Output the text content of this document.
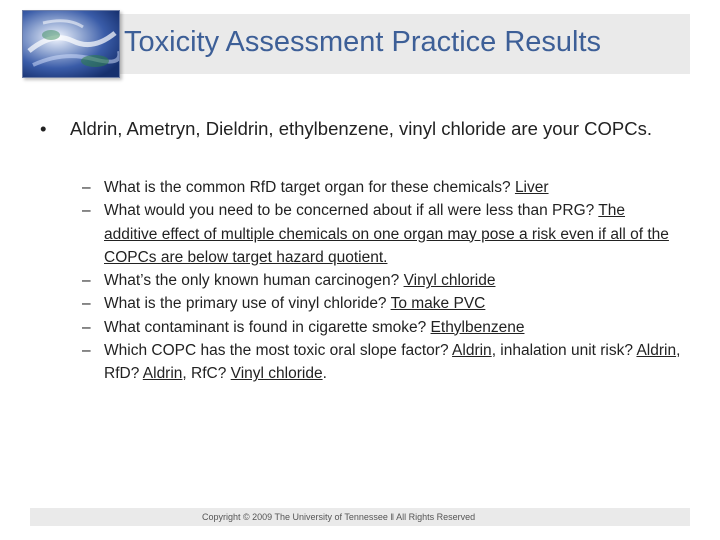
Toxicity Assessment Practice Results
• Aldrin, Ametryn, Dieldrin, ethylbenzene, vinyl chloride are your COPCs.
– What is the common RfD target organ for these chemicals? Liver
– What would you need to be concerned about if all were less than PRG? The additive effect of multiple chemicals on one organ may pose a risk even if all of the COPCs are below target hazard quotient.
– What’s the only known human carcinogen? Vinyl chloride
– What is the primary use of vinyl chloride? To make PVC
– What contaminant is found in cigarette smoke? Ethylbenzene
– Which COPC has the most toxic oral slope factor? Aldrin, inhalation unit risk? Aldrin, RfD? Aldrin, RfC? Vinyl chloride.
Copyright © 2009 The University of Tennessee ǁ All Rights Reserved
